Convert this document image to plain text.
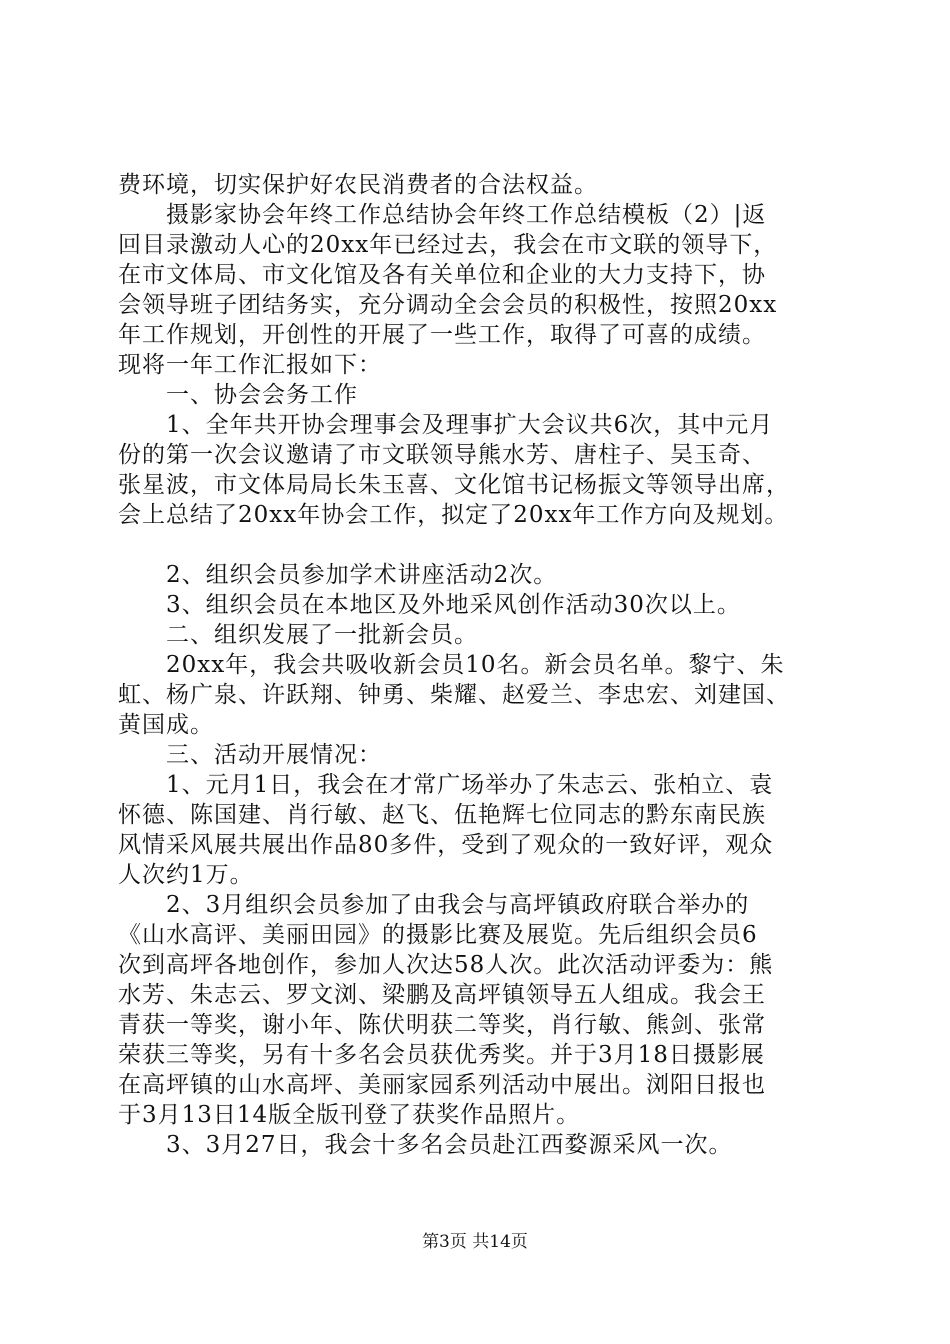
费环境，切实保护好农民消费者的合法权益。
　　摄影家协会年终工作总结协会年终工作总结模板（2）|返
回目录激动人心的20xx年已经过去，我会在市文联的领导下，
在市文体局、市文化馆及各有关单位和企业的大力支持下，协
会领导班子团结务实，充分调动全会会员的积极性，按照20xx
年工作规划，开创性的开展了一些工作，取得了可喜的成绩。
现将一年工作汇报如下：
　　一、协会会务工作
　　1、全年共开协会理事会及理事扩大会议共6次，其中元月
份的第一次会议邀请了市文联领导熊水芳、唐柱子、吴玉奇、
张星波，市文体局局长朱玉喜、文化馆书记杨振文等领导出席，
会上总结了20xx年协会工作，拟定了20xx年工作方向及规划。
　　2、组织会员参加学术讲座活动2次。
　　3、组织会员在本地区及外地采风创作活动30次以上。
　　二、组织发展了一批新会员。
　　20xx年，我会共吸收新会员10名。新会员名单。黎宁、朱
虹、杨广泉、许跃翔、钟勇、柴耀、赵爱兰、李忠宏、刘建国、
黄国成。
　　三、活动开展情况：
　　1、元月1日，我会在才常广场举办了朱志云、张柏立、袁
怀德、陈国建、肖行敏、赵飞、伍艳辉七位同志的黔东南民族
风情采风展共展出作品80多件，受到了观众的一致好评，观众
人次约1万。
　　2、3月组织会员参加了由我会与高坪镇政府联合举办的
《山水高评、美丽田园》的摄影比赛及展览。先后组织会员6
次到高坪各地创作，参加人次达58人次。此次活动评委为：熊
水芳、朱志云、罗文浏、梁鹏及高坪镇领导五人组成。我会王
青获一等奖，谢小年、陈伏明获二等奖，肖行敏、熊剑、张常
荣获三等奖，另有十多名会员获优秀奖。并于3月18日摄影展
在高坪镇的山水高坪、美丽家园系列活动中展出。浏阳日报也
于3月13日14版全版刊登了获奖作品照片。
　　3、3月27日，我会十多名会员赴江西婺源采风一次。
第3页 共14页
